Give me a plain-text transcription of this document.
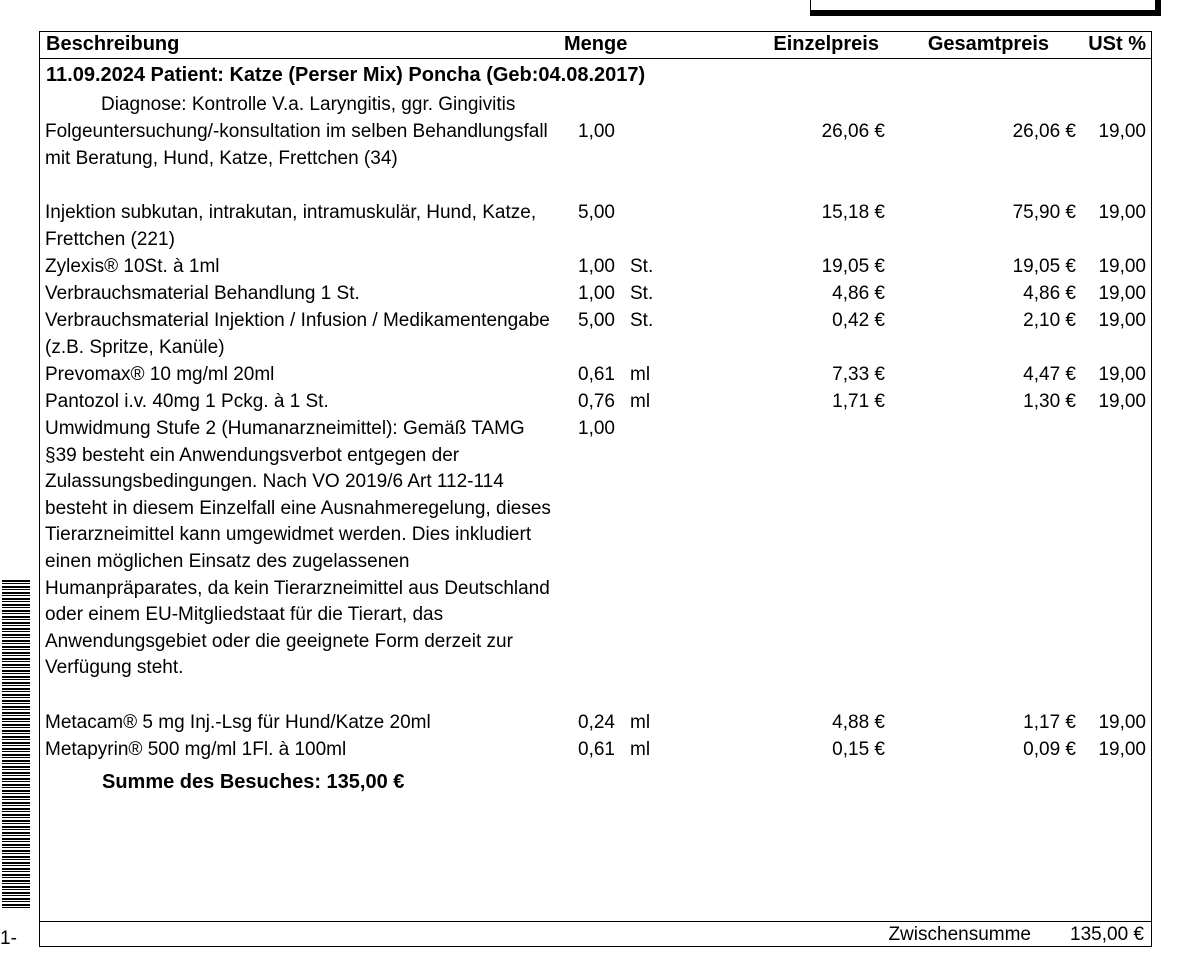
Beschreibung	Menge	Einzelpreis Gesamtpreis USt %
11.09.2024 Patient: Katze (Perser Mix) Poncha (Geb:04.08.2017)
Diagnose: Kontrolle V.a. Laryngitis, ggr. Gingivitis
Folgeuntersuchung/-konsultation im selben Behandlungsfall mit Beratung, Hund, Katze, Frettchen (34)
1,00	26,06 €	26,06 € 19,00
Injektion subkutan, intrakutan, intramuskulär, Hund, Katze, Frettchen (221)
5,00	15,18 €	75,90 € 19,00
Zylexis® 10St. à 1ml	1,00 St.	19,05 €	19,05 € 19,00
Verbrauchsmaterial Behandlung 1 St.	1,00 St.	4,86 €	4,86 € 19,00
Verbrauchsmaterial Injektion / Infusion / Medikamentengabe (z.B. Spritze, Kanüle)
5,00 St.	0,42 €	2,10 € 19,00
Prevomax® 10 mg/ml 20ml	0,61 ml	7,33 €	4,47 € 19,00
Pantozol i.v. 40mg 1 Pckg. à 1 St.	0,76 ml	1,71 €	1,30 € 19,00
Umwidmung Stufe 2 (Humanarzneimittel): Gemäß TAMG §39 besteht ein Anwendungsverbot entgegen der Zulassungsbedingungen. Nach VO 2019/6 Art 112-114 besteht in diesem Einzelfall eine Ausnahmeregelung, dieses Tierarzneimittel kann umgewidmet werden. Dies inkludiert einen möglichen Einsatz des zugelassenen Humanpräparates, da kein Tierarzneimittel aus Deutschland oder einem EU-Mitgliedstaat für die Tierart, das Anwendungsgebiet oder die geeignete Form derzeit zur Verfügung steht.
1,00
Metacam® 5 mg Inj.-Lsg für Hund/Katze 20ml	0,24 ml	4,88 €	1,17 € 19,00
Metapyrin® 500 mg/ml 1Fl. à 100ml	0,61 ml	0,15 €	0,09 € 19,00
Summe des Besuches: 135,00 €
Zwischensumme 135,00 €
1-
